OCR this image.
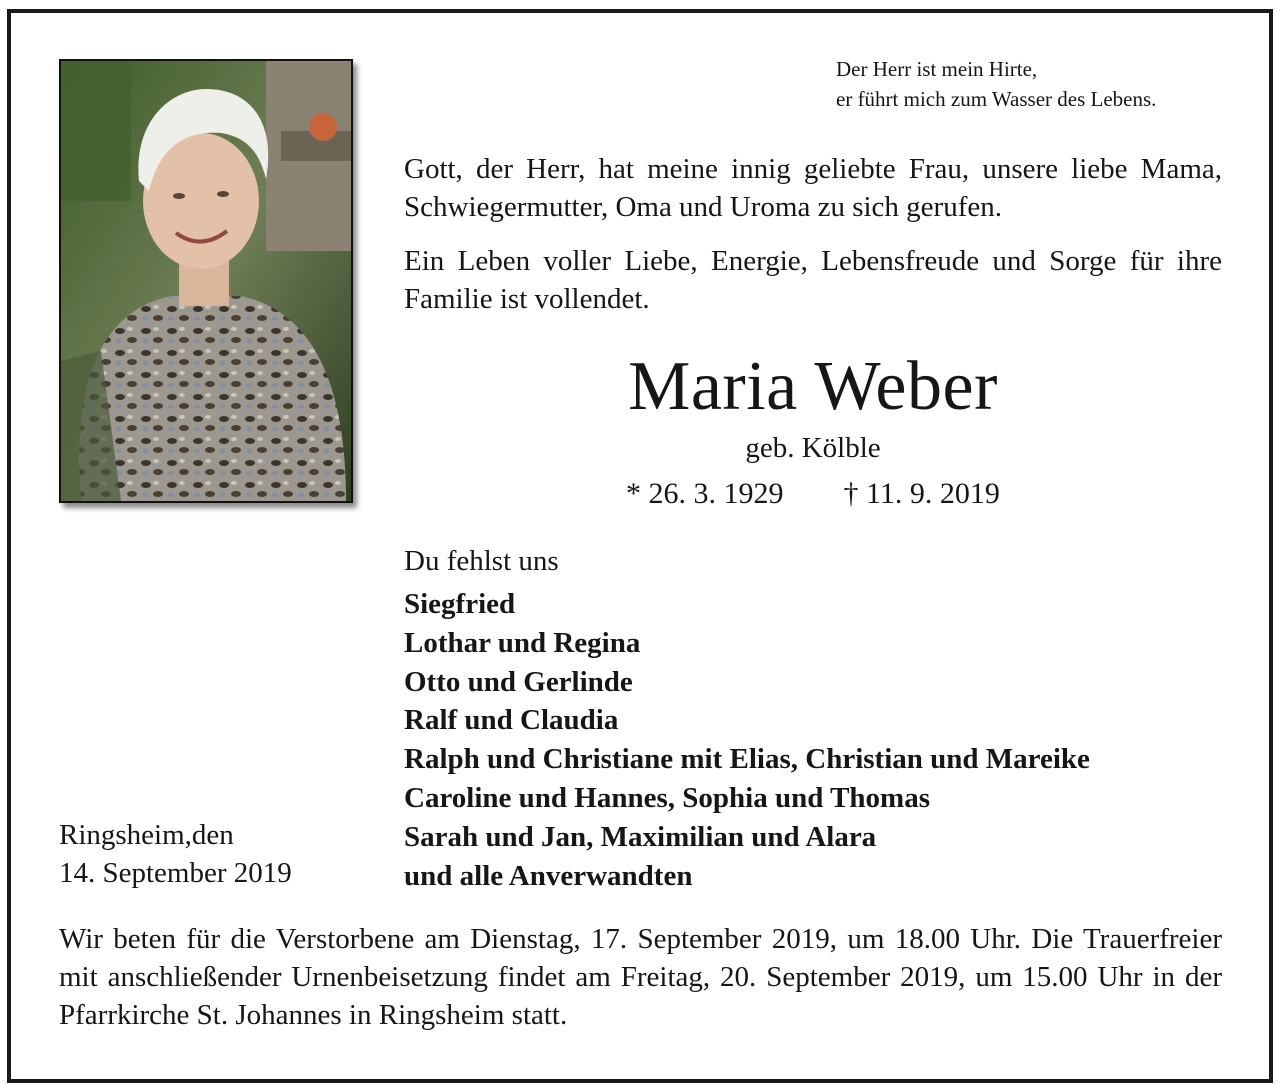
Der Herr ist mein Hirte,
er führt mich zum Wasser des Lebens.

Gott, der Herr, hat meine innig geliebte Frau, unsere liebe Mama, Schwiegermutter, Oma und Uroma zu sich gerufen.

Ein Leben voller Liebe, Energie, Lebensfreude und Sorge für ihre Familie ist vollendet.

Maria Weber
geb. Kölble
* 26. 3. 1929        † 11. 9. 2019
Du fehlst uns
Siegfried
Lothar und Regina
Otto und Gerlinde
Ralf und Claudia
Ralph und Christiane mit Elias, Christian und Mareike
Caroline und Hannes, Sophia und Thomas
Sarah und Jan, Maximilian und Alara
und alle Anverwandten
Ringsheim,den
14. September 2019

Wir beten für die Verstorbene am Dienstag, 17. September 2019, um 18.00 Uhr. Die Trauerfreier mit anschließender Urnenbeisetzung findet am Freitag, 20. September 2019, um 15.00 Uhr in der Pfarrkirche St. Johannes in Ringsheim statt.
